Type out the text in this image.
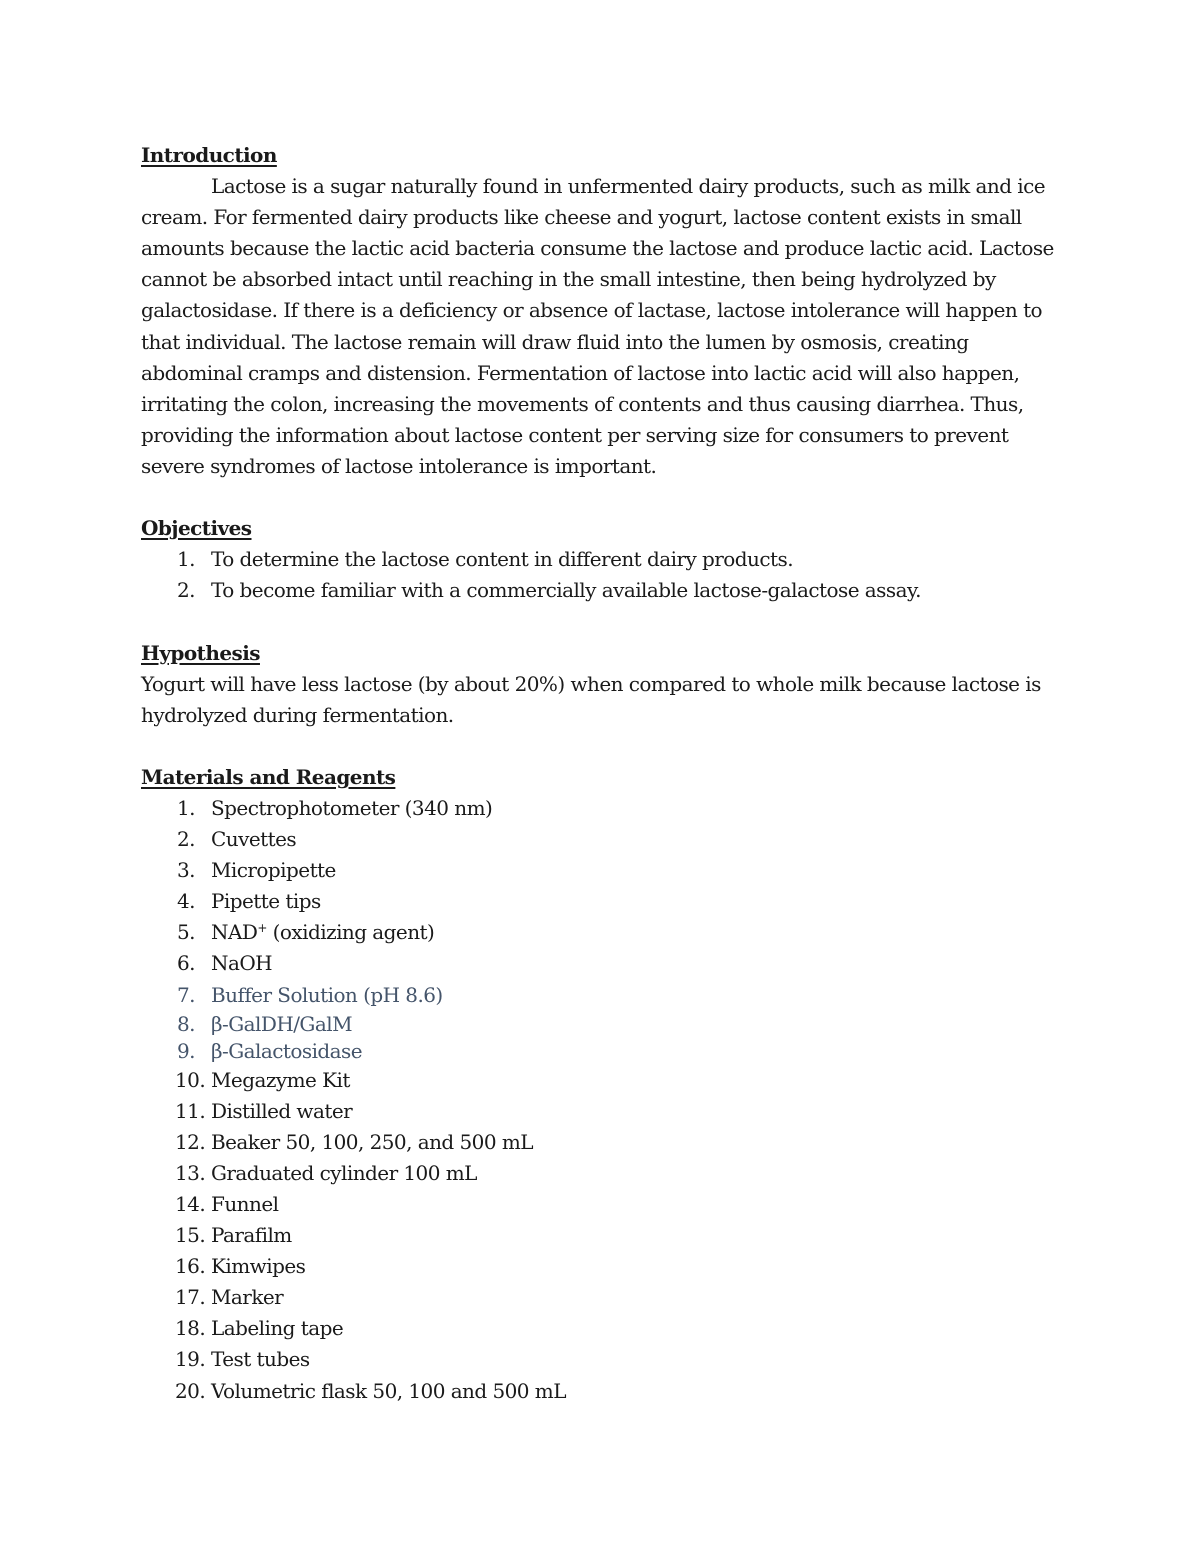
Introduction

Lactose is a sugar naturally found in unfermented dairy products, such as milk and ice cream. For fermented dairy products like cheese and yogurt, lactose content exists in small amounts because the lactic acid bacteria consume the lactose and produce lactic acid. Lactose cannot be absorbed intact until reaching in the small intestine, then being hydrolyzed by galactosidase. If there is a deficiency or absence of lactase, lactose intolerance will happen to that individual. The lactose remain will draw fluid into the lumen by osmosis, creating abdominal cramps and distension. Fermentation of lactose into lactic acid will also happen, irritating the colon, increasing the movements of contents and thus causing diarrhea. Thus, providing the information about lactose content per serving size for consumers to prevent severe syndromes of lactose intolerance is important.

Objectives

1. To determine the lactose content in different dairy products.
2. To become familiar with a commercially available lactose-galactose assay.

Hypothesis

Yogurt will have less lactose (by about 20%) when compared to whole milk because lactose is hydrolyzed during fermentation.

Materials and Reagents

1. Spectrophotometer (340 nm)
2. Cuvettes
3. Micropipette
4. Pipette tips
5. NAD+ (oxidizing agent)
6. NaOH
7. Buffer Solution (pH 8.6)
8. β-GalDH/GalM
9. β-Galactosidase
10. Megazyme Kit
11. Distilled water
12. Beaker 50, 100, 250, and 500 mL
13. Graduated cylinder 100 mL
14. Funnel
15. Parafilm
16. Kimwipes
17. Marker
18. Labeling tape
19. Test tubes
20. Volumetric flask 50, 100 and 500 mL
